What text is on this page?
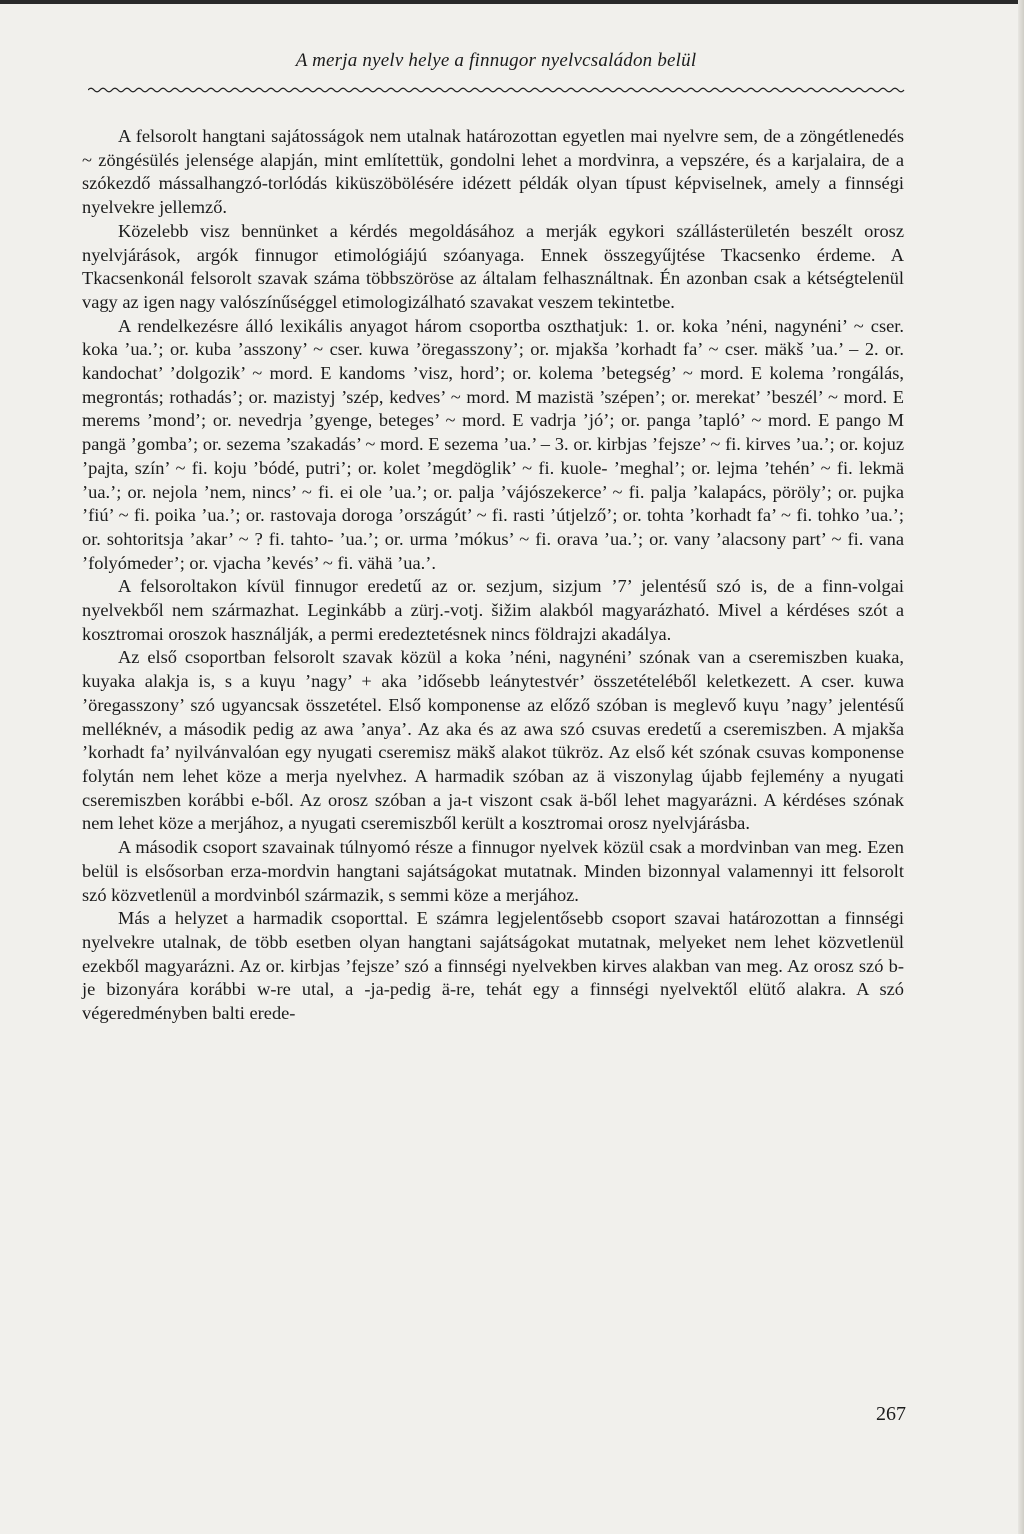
A merja nyelv helye a finnugor nyelvcsaládon belül

A felsorolt hangtani sajátosságok nem utalnak határozottan egyetlen mai nyelvre sem, de a zöngétlenedés ~ zöngésülés jelensége alapján, mint említettük, gondolni lehet a mordvinra, a vepszére, és a karjalaira, de a szókezdő mássalhangzó-torlódás kiküszöbölésére idézett példák olyan típust képviselnek, amely a finnségi nyelvekre jellemző.

Közelebb visz bennünket a kérdés megoldásához a merják egykori szállásterületén beszélt orosz nyelvjárások, argók finnugor etimológiájú szóanyaga. Ennek összegyűjtése Tkacsenko érdeme. A Tkacsenkonál felsorolt szavak száma többszöröse az általam felhasználtnak. Én azonban csak a kétségtelenül vagy az igen nagy valószínűséggel etimologizálható szavakat veszem tekintetbe.

A rendelkezésre álló lexikális anyagot három csoportba oszthatjuk: 1. or. koka ’néni, nagynéni’ ~ cser. koka ’ua.’; or. kuba ’asszony’ ~ cser. kuwa ’öregasszony’; or. mjakša ’korhadt fa’ ~ cser. mäkš ’ua.’ – 2. or. kandochat’ ’dolgozik’ ~ mord. E kandoms ’visz, hord’; or. kolema ’betegség’ ~ mord. E kolema ’rongálás, megrontás; rothadás’; or. mazistyj ’szép, kedves’ ~ mord. M mazistä ’szépen’; or. merekat’ ’beszél’ ~ mord. E merems ’mond’; or. nevedrja ’gyenge, beteges’ ~ mord. E vadrja ’jó’; or. panga ’tapló’ ~ mord. E pango M pangä ’gomba’; or. sezema ’szakadás’ ~ mord. E sezema ’ua.’ – 3. or. kirbjas ’fejsze’ ~ fi. kirves ’ua.’; or. kojuz ’pajta, szín’ ~ fi. koju ’bódé, putri’; or. kolet ’megdöglik’ ~ fi. kuole- ’meghal’; or. lejma ’tehén’ ~ fi. lekmä ’ua.’; or. nejola ’nem, nincs’ ~ fi. ei ole ’ua.’; or. palja ’vájószekerce’ ~ fi. palja ’kalapács, pöröly’; or. pujka ’fiú’ ~ fi. poika ’ua.’; or. rastovaja doroga ’országút’ ~ fi. rasti ’útjelző’; or. tohta ’korhadt fa’ ~ fi. tohko ’ua.’; or. sohtoritsja ’akar’ ~ ? fi. tahto- ’ua.’; or. urma ’mókus’ ~ fi. orava ’ua.’; or. vany ’alacsony part’ ~ fi. vana ’folyómeder’; or. vjacha ’kevés’ ~ fi. vähä ’ua.’.

A felsoroltakon kívül finnugor eredetű az or. sezjum, sizjum ’7’ jelentésű szó is, de a finn-volgai nyelvekből nem származhat. Leginkább a zürj.-votj. šižim alakból magyarázható. Mivel a kérdéses szót a kosztromai oroszok használják, a permi eredeztetésnek nincs földrajzi akadálya.

Az első csoportban felsorolt szavak közül a koka ’néni, nagynéni’ szónak van a cseremiszben kuaka, kuyaka alakja is, s a kuγu ’nagy’ + aka ’idősebb leánytestvér’ összetételéből keletkezett. A cser. kuwa ’öregasszony’ szó ugyancsak összetétel. Első komponense az előző szóban is meglevő kuγu ’nagy’ jelentésű melléknév, a második pedig az awa ’anya’. Az aka és az awa szó csuvas eredetű a cseremiszben. A mjakša ’korhadt fa’ nyilvánvalóan egy nyugati cseremisz mäkš alakot tükröz. Az első két szónak csuvas komponense folytán nem lehet köze a merja nyelvhez. A harmadik szóban az ä viszonylag újabb fejlemény a nyugati cseremiszben korábbi e-ből. Az orosz szóban a ja-t viszont csak ä-ből lehet magyarázni. A kérdéses szónak nem lehet köze a merjához, a nyugati cseremiszből került a kosztromai orosz nyelvjárásba.

A második csoport szavainak túlnyomó része a finnugor nyelvek közül csak a mordvinban van meg. Ezen belül is elsősorban erza-mordvin hangtani sajátságokat mutatnak. Minden bizonnyal valamennyi itt felsorolt szó közvetlenül a mordvinból származik, s semmi köze a merjához.

Más a helyzet a harmadik csoporttal. E számra legjelentősebb csoport szavai határozottan a finnségi nyelvekre utalnak, de több esetben olyan hangtani sajátságokat mutatnak, melyeket nem lehet közvetlenül ezekből magyarázni. Az or. kirbjas ’fejsze’ szó a finnségi nyelvekben kirves alakban van meg. Az orosz szó b-je bizonyára korábbi w-re utal, a -ja-pedig ä-re, tehát egy a finnségi nyelvektől elütő alakra. A szó végeredményben balti erede-

267
